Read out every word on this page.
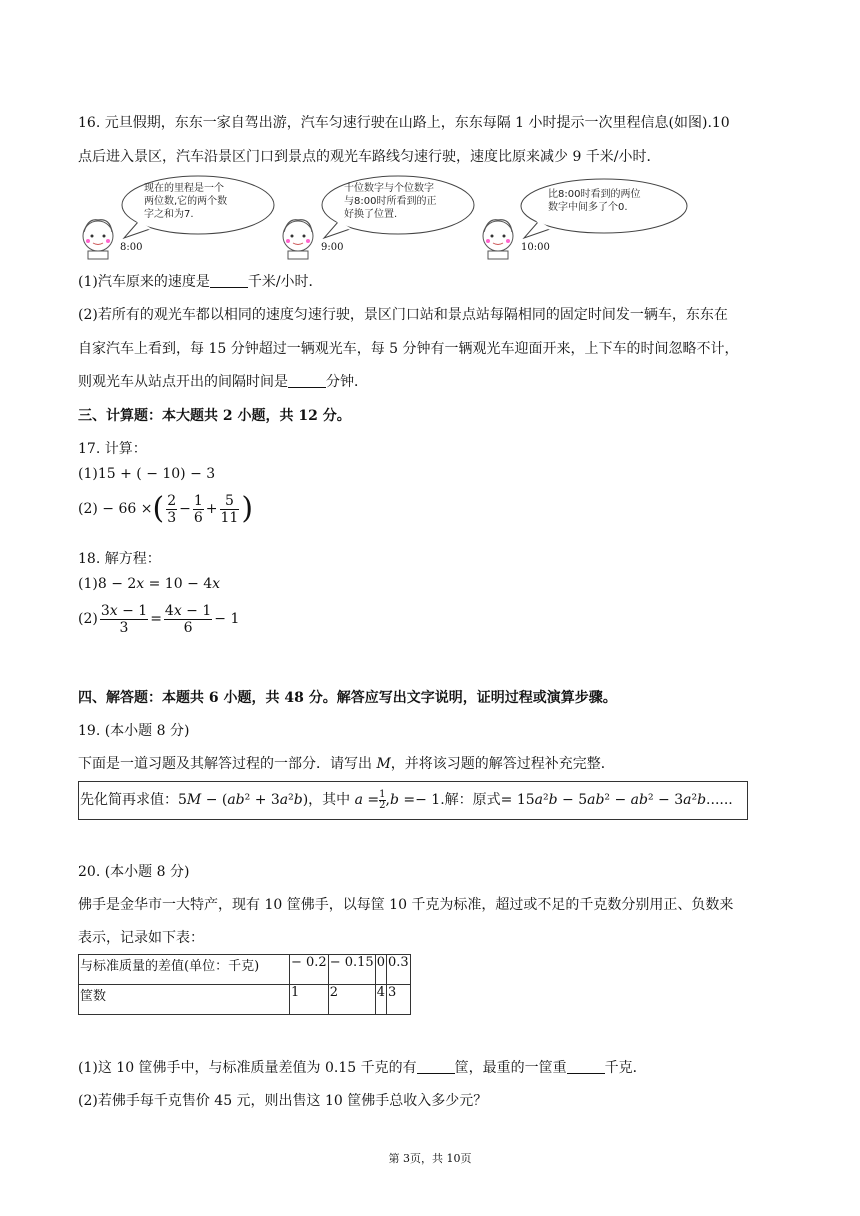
16. 元旦假期，东东一家自驾出游，汽车匀速行驶在山路上，东东每隔 1 小时提示一次里程信息(如图).10
点后进入景区，汽车沿景区门口到景点的观光车路线匀速行驶，速度比原来减少 9 千米/小时．
现在的里程是一个
两位数,它的两个数
字之和为7.
8:00
十位数字与个位数字
与8:00时所看到的正
好换了位置.
9:00
比8:00时看到的两位
数字中间多了个0.
10:00
(1)汽车原来的速度是	千米/小时．
(2)若所有的观光车都以相同的速度匀速行驶，景区门口站和景点站每隔相同的固定时间发一辆车，东东在
自家汽车上看到，每 15 分钟超过一辆观光车，每 5 分钟有一辆观光车迎面开来，上下车的时间忽略不计，
则观光车从站点开出的间隔时间是	分钟．
三、计算题：本大题共 2 小题，共 12 分。
17. 计算：
(1)15 + ( − 10) − 3
(2) − 66 ×( $\frac{2}{3} - \frac{1}{6} + \frac{5}{11}$ )
18. 解方程：
(1)8 − 2𝑥 = 10 − 4𝑥
$(2) \frac{\text{3𝑥 − 1}}{3} = \frac{\text{4𝑥 − 1}}{6} - 1$
四、解答题：本题共 6 小题，共 48 分。解答应写出文字说明，证明过程或演算步骤。
19. (本小题 8 分)
下面是一道习题及其解答过程的一部分．请写出 𝑀，并将该习题的解答过程补充完整．
先化简再求值：5𝑀 − (𝑎𝑏² + 3𝑎²𝑏)，其中 𝑎 = $\frac{1}{2}$ ,𝑏 =− 1.解：原式= 15𝑎²𝑏 − 5𝑎𝑏² − 𝑎𝑏² − 3𝑎²𝑏......
20. (本小题 8 分)
佛手是金华市一大特产，现有 10 筐佛手，以每筐 10 千克为标准，超过或不足的千克数分别用正、负数来
表示，记录如下表：
与标准质量的差值(单位：千克)	− 0.2	− 0.15	0	0.3
筐数	1	2	4	3
(1)这 10 筐佛手中，与标准质量差值为 0.15 千克的有	筐，最重的一筐重	千克．
(2)若佛手每千克售价 45 元，则出售这 10 筐佛手总收入多少元？
第 3页，共 10页
